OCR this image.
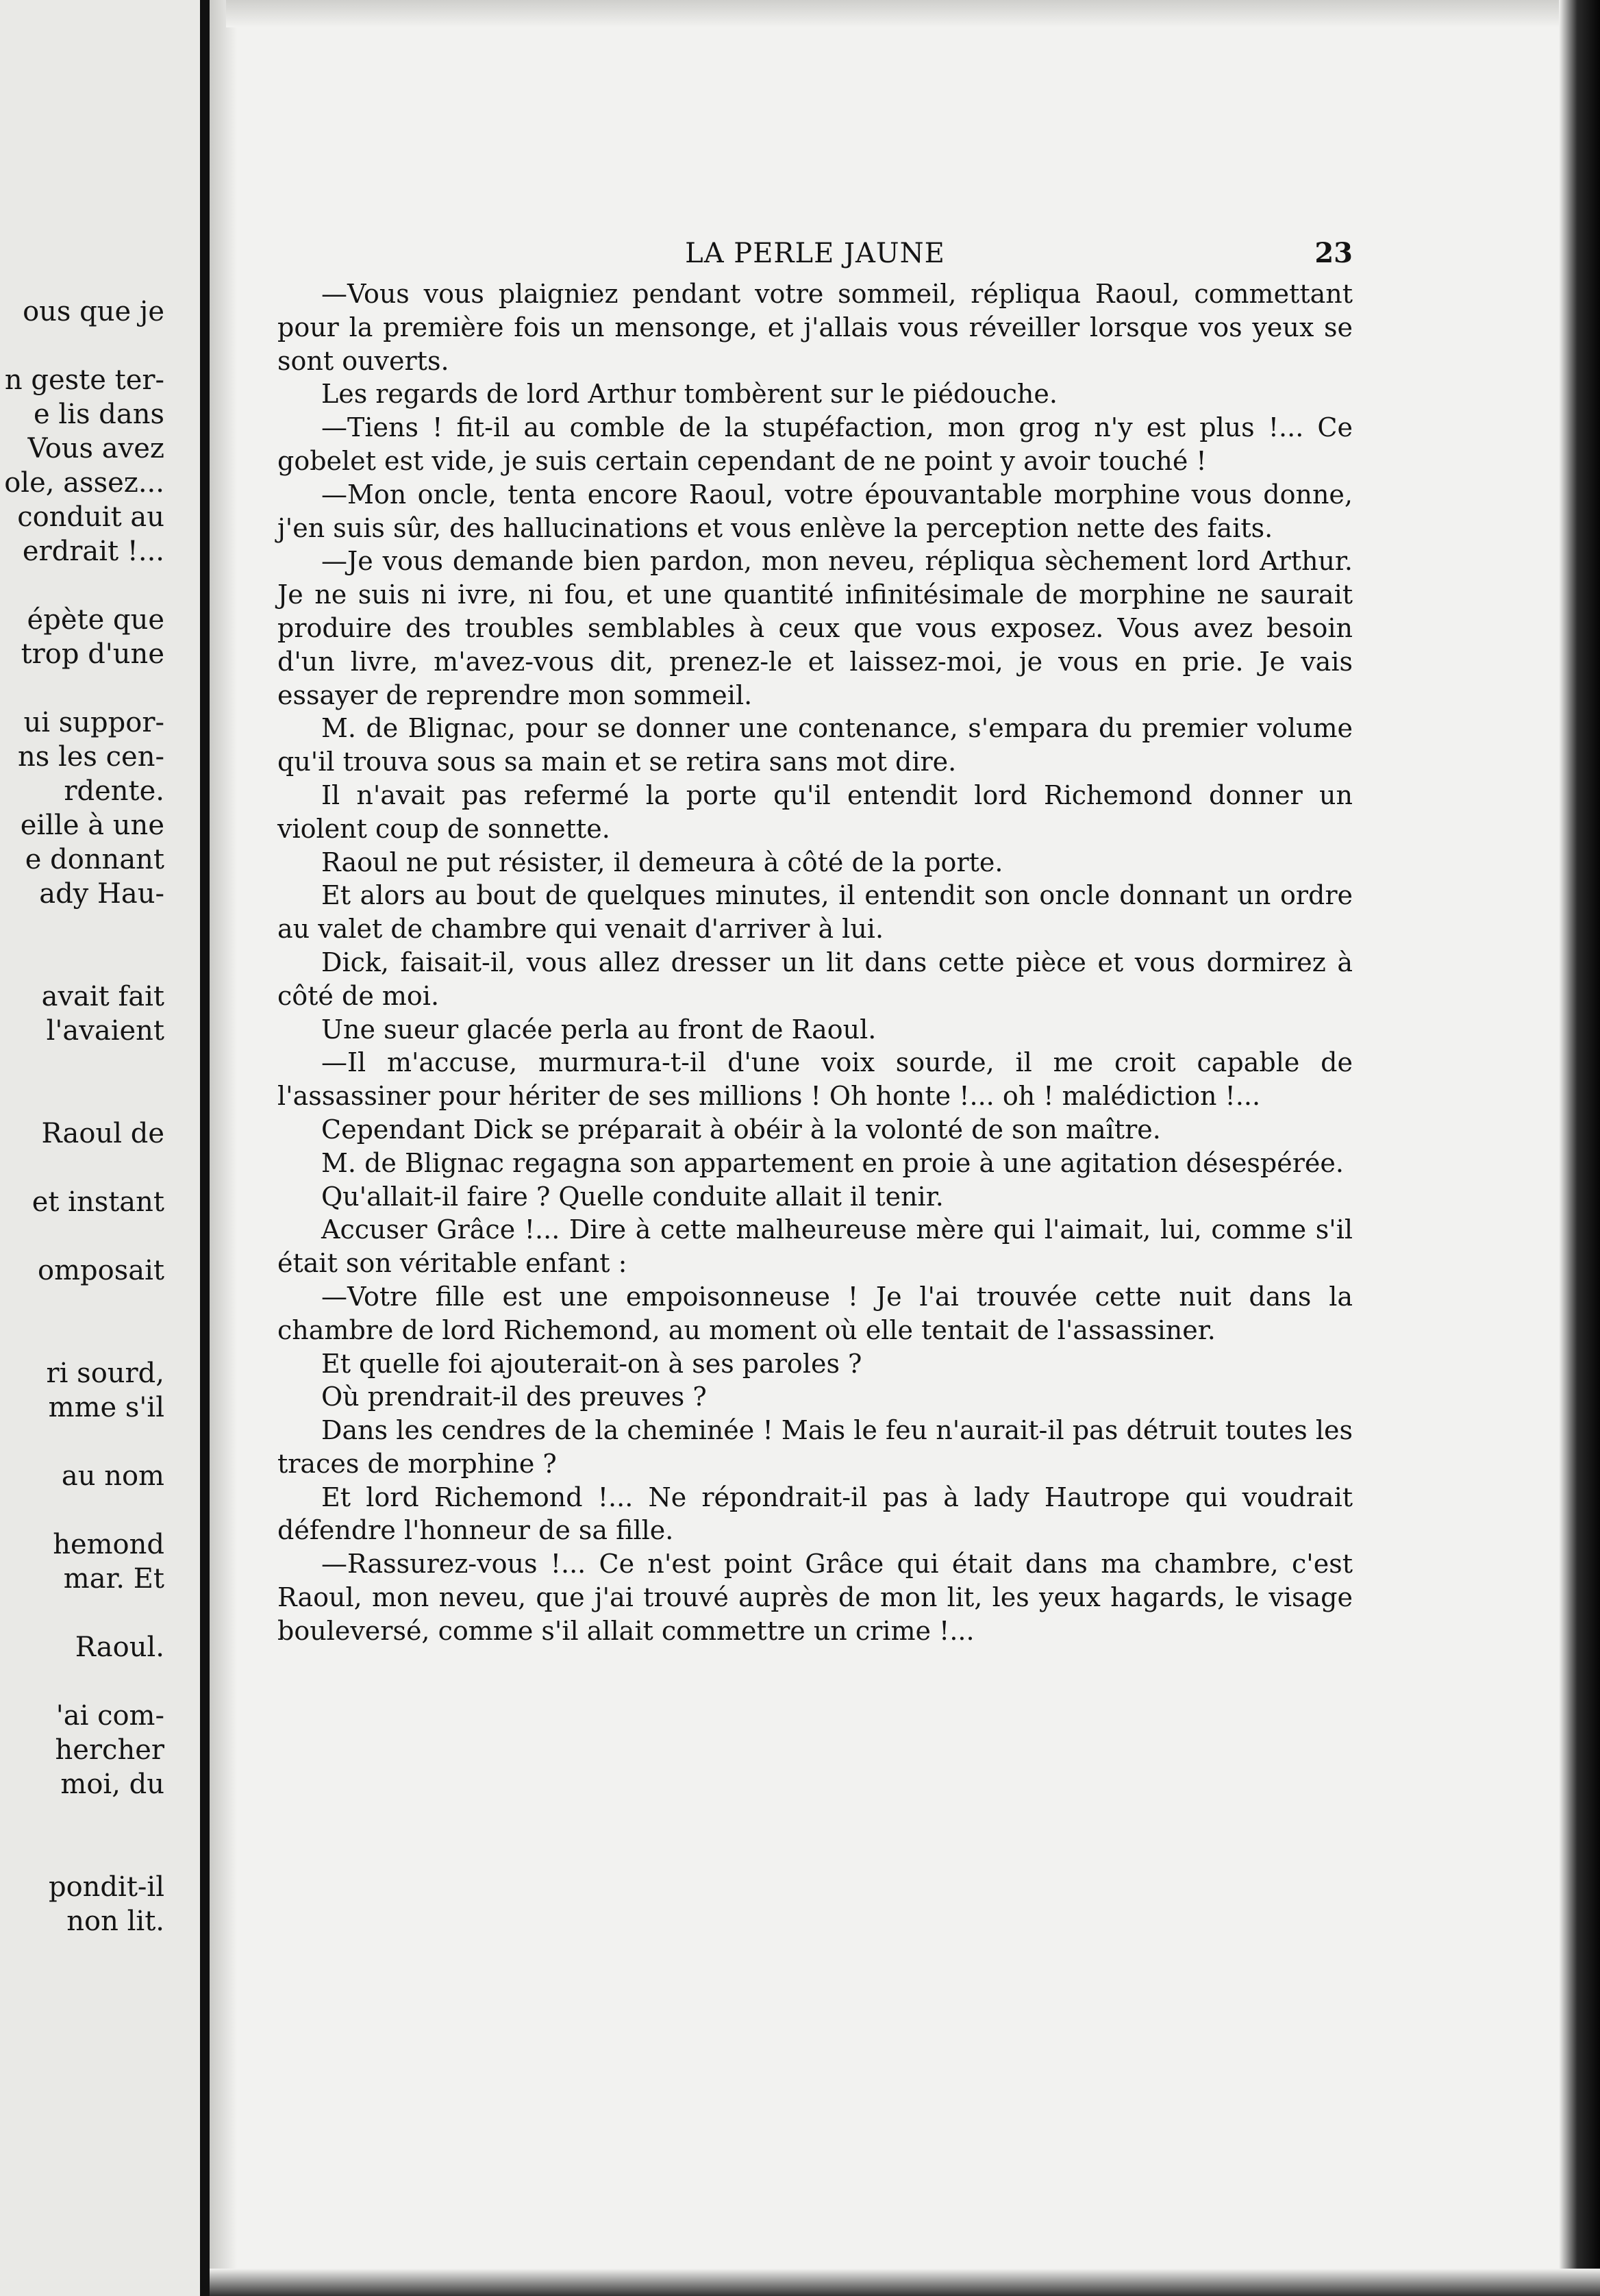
ous que je
n geste ter-
e lis dans
Vous avez
ole, assez...
conduit au
erdrait !...
épète que
trop d'une
ui suppor-
ns les cen-
rdente.
eille à une
e donnant
ady Hau-
avait fait
l'avaient
Raoul de
et instant
omposait
ri sourd,
mme s'il
au nom
hemond
mar. Et
Raoul.
'ai com-
hercher
moi, du
pondit-il
non lit.
LA PERLE JAUNE	23

—Vous vous plaigniez pendant votre sommeil, répliqua Raoul, commettant pour la première fois un mensonge, et j'allais vous réveiller lorsque vos yeux se sont ouverts.

Les regards de lord Arthur tombèrent sur le piédouche.

—Tiens ! fit-il au comble de la stupéfaction, mon grog n'y est plus !... Ce gobelet est vide, je suis certain cependant de ne point y avoir touché !

—Mon oncle, tenta encore Raoul, votre épouvantable morphine vous donne, j'en suis sûr, des hallucinations et vous enlève la perception nette des faits.

—Je vous demande bien pardon, mon neveu, répliqua sèchement lord Arthur. Je ne suis ni ivre, ni fou, et une quantité infinitésimale de morphine ne saurait produire des troubles semblables à ceux que vous exposez. Vous avez besoin d'un livre, m'avez-vous dit, prenez-le et laissez-moi, je vous en prie. Je vais essayer de reprendre mon sommeil.

M. de Blignac, pour se donner une contenance, s'empara du premier volume qu'il trouva sous sa main et se retira sans mot dire.

Il n'avait pas refermé la porte qu'il entendit lord Richemond donner un violent coup de sonnette.

Raoul ne put résister, il demeura à côté de la porte.

Et alors au bout de quelques minutes, il entendit son oncle donnant un ordre au valet de chambre qui venait d'arriver à lui.

Dick, faisait-il, vous allez dresser un lit dans cette pièce et vous dormirez à côté de moi.

Une sueur glacée perla au front de Raoul.

—Il m'accuse, murmura-t-il d'une voix sourde, il me croit capable de l'assassiner pour hériter de ses millions ! Oh honte !... oh ! malédiction !...

Cependant Dick se préparait à obéir à la volonté de son maître.

M. de Blignac regagna son appartement en proie à une agitation désespérée.

Qu'allait-il faire ? Quelle conduite allait il tenir.

Accuser Grâce !... Dire à cette malheureuse mère qui l'aimait, lui, comme s'il était son véritable enfant :

—Votre fille est une empoisonneuse ! Je l'ai trouvée cette nuit dans la chambre de lord Richemond, au moment où elle tentait de l'assassiner.

Et quelle foi ajouterait-on à ses paroles ?

Où prendrait-il des preuves ?

Dans les cendres de la cheminée ! Mais le feu n'aurait-il pas détruit toutes les traces de morphine ?

Et lord Richemond !... Ne répondrait-il pas à lady Hautrope qui voudrait défendre l'honneur de sa fille.

—Rassurez-vous !... Ce n'est point Grâce qui était dans ma chambre, c'est Raoul, mon neveu, que j'ai trouvé auprès de mon lit, les yeux hagards, le visage bouleversé, comme s'il allait commettre un crime !...
